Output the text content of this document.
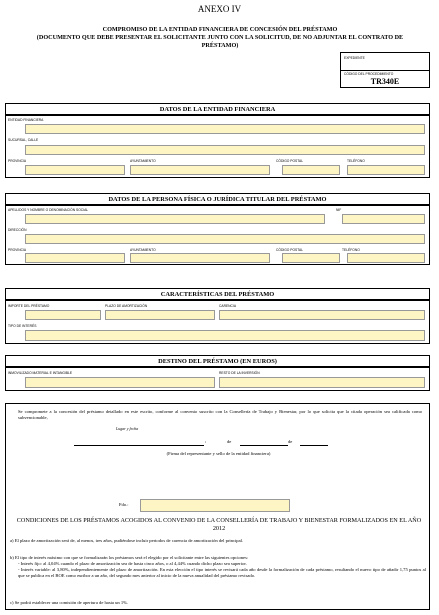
ANEXO IV
COMPROMISO DE LA ENTIDAD FINANCIERA DE CONCESIÓN DEL PRÉSTAMO
(DOCUMENTO QUE DEBE PRESENTAR EL SOLICITANTE JUNTO CON LA SOLICITUD, DE NO ADJUNTAR EL CONTRATO DE PRÉSTAMO)
EXPEDIENTE
CÓDIGO DEL PROCEDIMIENTO
TR340E
DATOS DE LA ENTIDAD FINANCIERA
ENTIDAD FINANCIERA
SUCURSAL, CALLE
PROVINCIA	AYUNTAMIENTO	CÓDIGO POSTAL	TELÉFONO
DATOS DE LA PERSONA FÍSICA O JURÍDICA TITULAR DEL PRÉSTAMO
APELLIDOS Y NOMBRE O DENOMINACIÓN SOCIAL	NIF
DIRECCIÓN
PROVINCIA	AYUNTAMIENTO	CÓDIGO POSTAL	TELÉFONO
CARACTERÍSTICAS DEL PRÉSTAMO
IMPORTE DEL PRÉSTAMO	PLAZO DE AMORTIZACIÓN	CARENCIA
TIPO DE INTERÉS
DESTINO DEL PRÉSTAMO (EN EUROS)
INMOVILIZADO MATERIAL E INTANGIBLE	RESTO DE LA INVERSIÓN
Se compromete a la concesión del préstamo detallado en este escrito, conforme al convenio suscrito con la Consellería de Trabajo y Bienestar, por lo que solicita que la citada operación sea calificada como subvencionable,
Lugar y fecha
,	de	de
(Firma del representante y sello de la entidad financiera)
Fdo.:
CONDICIONES DE LOS PRÉSTAMOS ACOGIDOS AL CONVENIO DE LA CONSELLERÍA DE TRABAJO Y BIENESTAR FORMALIZADOS EN EL AÑO 2012
a) El plazo de amortización será de, al menos, tres años, pudiéndose incluir periodos de carencia de amortización del principal.
b) El tipo de interés máximo con que se formalizarán los préstamos será el elegido por el solicitante entre las siguientes opciones:
- Interés fijo: al 4,04% cuando el plazo de amortización sea de hasta cinco años, o al 4,44% cuando dicho plazo sea superior.
- Interés variable: al 3,80%, independientemente del plazo de amortización. En esta elección el tipo interés se revisará cada año desde la formalización de cada préstamo, resultando el nuevo tipo de añadir 1,75 puntos al que se publica en el BOE como euribor a un año, del segundo mes anterior al inicio de la nueva anualidad del préstamo revisado.
c) Se podrá establecer una comisión de apertura de hasta un 1%.
